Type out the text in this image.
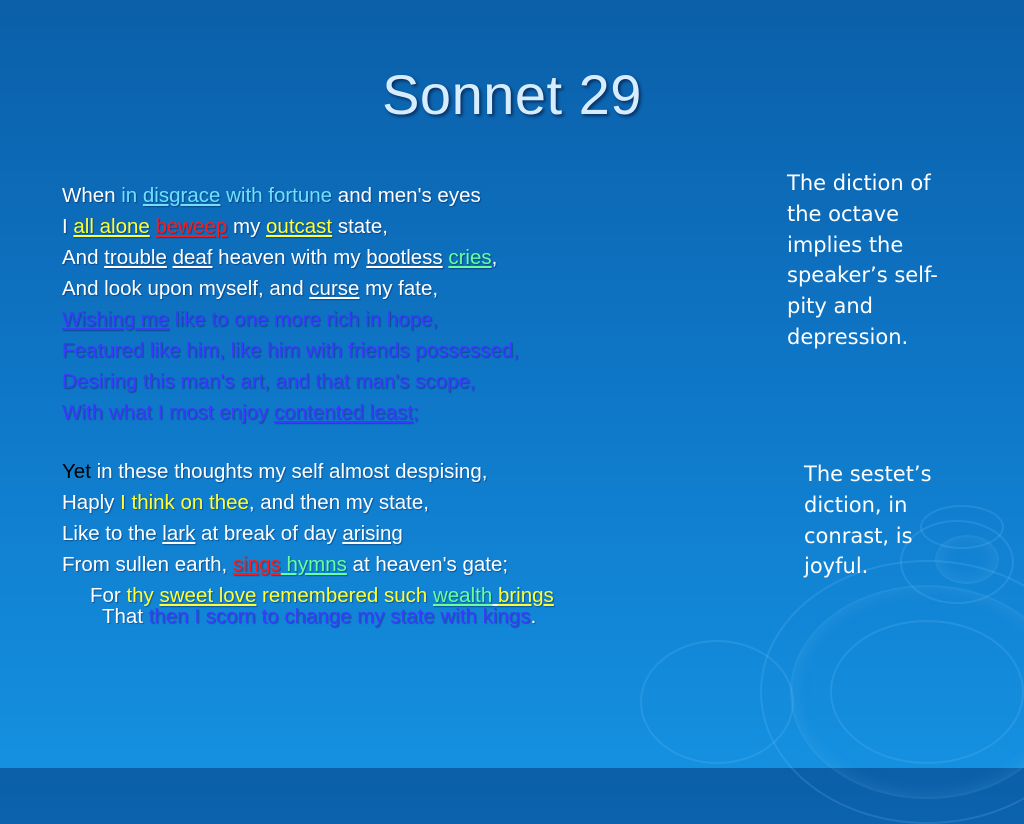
Sonnet 29
When in disgrace with fortune and men's eyes
I all alone beweep my outcast state,
And trouble deaf heaven with my bootless cries,
And look upon myself, and curse my fate,
Wishing me like to one more rich in hope,
Featured like him, like him with friends possessed,
Desiring this man's art, and that man's scope,
With what I most enjoy contented least;
Yet in these thoughts my self almost despising,
Haply I think on thee, and then my state,
Like to the lark at break of day arising
From sullen earth, sings hymns at heaven's gate;
For thy sweet love remembered such wealth brings
That then I scorn to change my state with kings.
The diction of the octave implies the speaker’s self-pity and depression.
The sestet’s diction, in conrast, is joyful.
